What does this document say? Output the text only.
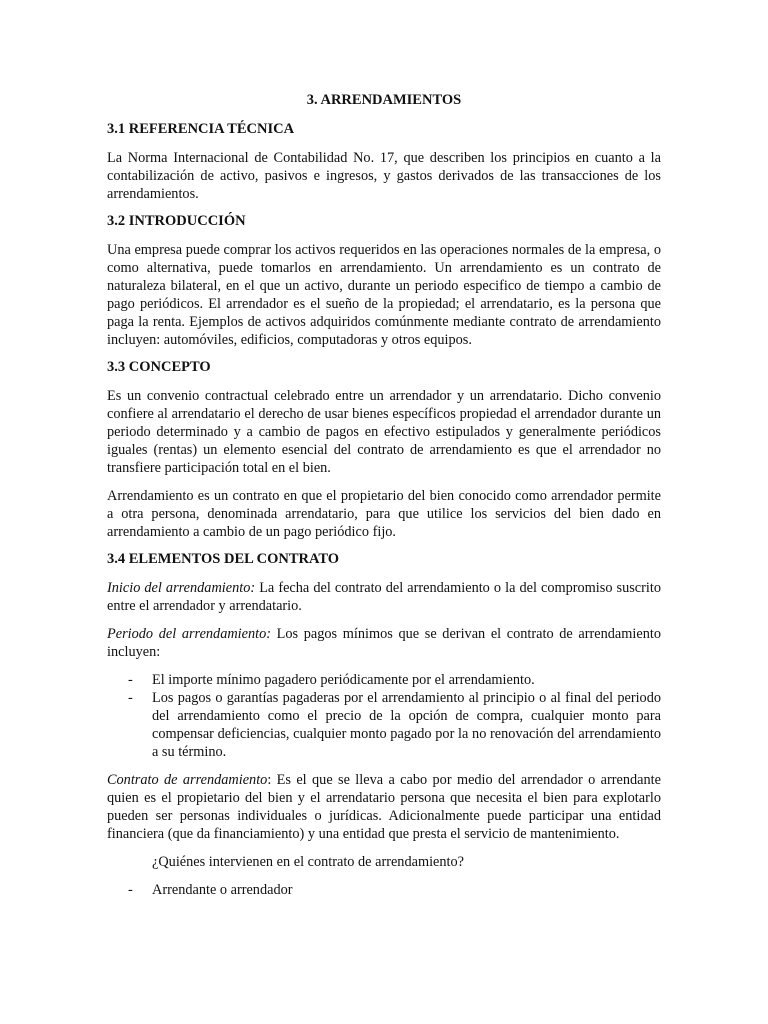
3. ARRENDAMIENTOS
3.1 REFERENCIA TÉCNICA

La Norma Internacional de Contabilidad No. 17, que describen los principios en cuanto a la contabilización de activo, pasivos e ingresos, y gastos derivados de las transacciones de los arrendamientos.

3.2 INTRODUCCIÓN

Una empresa puede comprar los activos requeridos en las operaciones normales de la empresa, o como alternativa, puede tomarlos en arrendamiento. Un arrendamiento es un contrato de naturaleza bilateral, en el que un activo, durante un periodo especifico de tiempo a cambio de pago periódicos. El arrendador es el sueño de la propiedad; el arrendatario, es la persona que paga la renta. Ejemplos de activos adquiridos comúnmente mediante contrato de arrendamiento incluyen: automóviles, edificios, computadoras y otros equipos.

3.3 CONCEPTO

Es un convenio contractual celebrado entre un arrendador y un arrendatario. Dicho convenio confiere al arrendatario el derecho de usar bienes específicos propiedad el arrendador durante un periodo determinado y a cambio de pagos en efectivo estipulados y generalmente periódicos iguales (rentas) un elemento esencial del contrato de arrendamiento es que el arrendador no transfiere participación total en el bien.

Arrendamiento es un contrato en que el propietario del bien conocido como arrendador permite a otra persona, denominada arrendatario, para que utilice los servicios del bien dado en arrendamiento a cambio de un pago periódico fijo.

3.4 ELEMENTOS DEL CONTRATO

Inicio del arrendamiento: La fecha del contrato del arrendamiento o la del compromiso suscrito entre el arrendador y arrendatario.

Periodo del arrendamiento: Los pagos mínimos que se derivan el contrato de arrendamiento incluyen:

- El importe mínimo pagadero periódicamente por el arrendamiento.
- Los pagos o garantías pagaderas por el arrendamiento al principio o al final del periodo del arrendamiento como el precio de la opción de compra, cualquier monto para compensar deficiencias, cualquier monto pagado por la no renovación del arrendamiento a su término.

Contrato de arrendamiento: Es el que se lleva a cabo por medio del arrendador o arrendante quien es el propietario del bien y el arrendatario persona que necesita el bien para explotarlo pueden ser personas individuales o jurídicas. Adicionalmente puede participar una entidad financiera (que da financiamiento) y una entidad que presta el servicio de mantenimiento.

¿Quiénes intervienen en el contrato de arrendamiento?

- Arrendante o arrendador
